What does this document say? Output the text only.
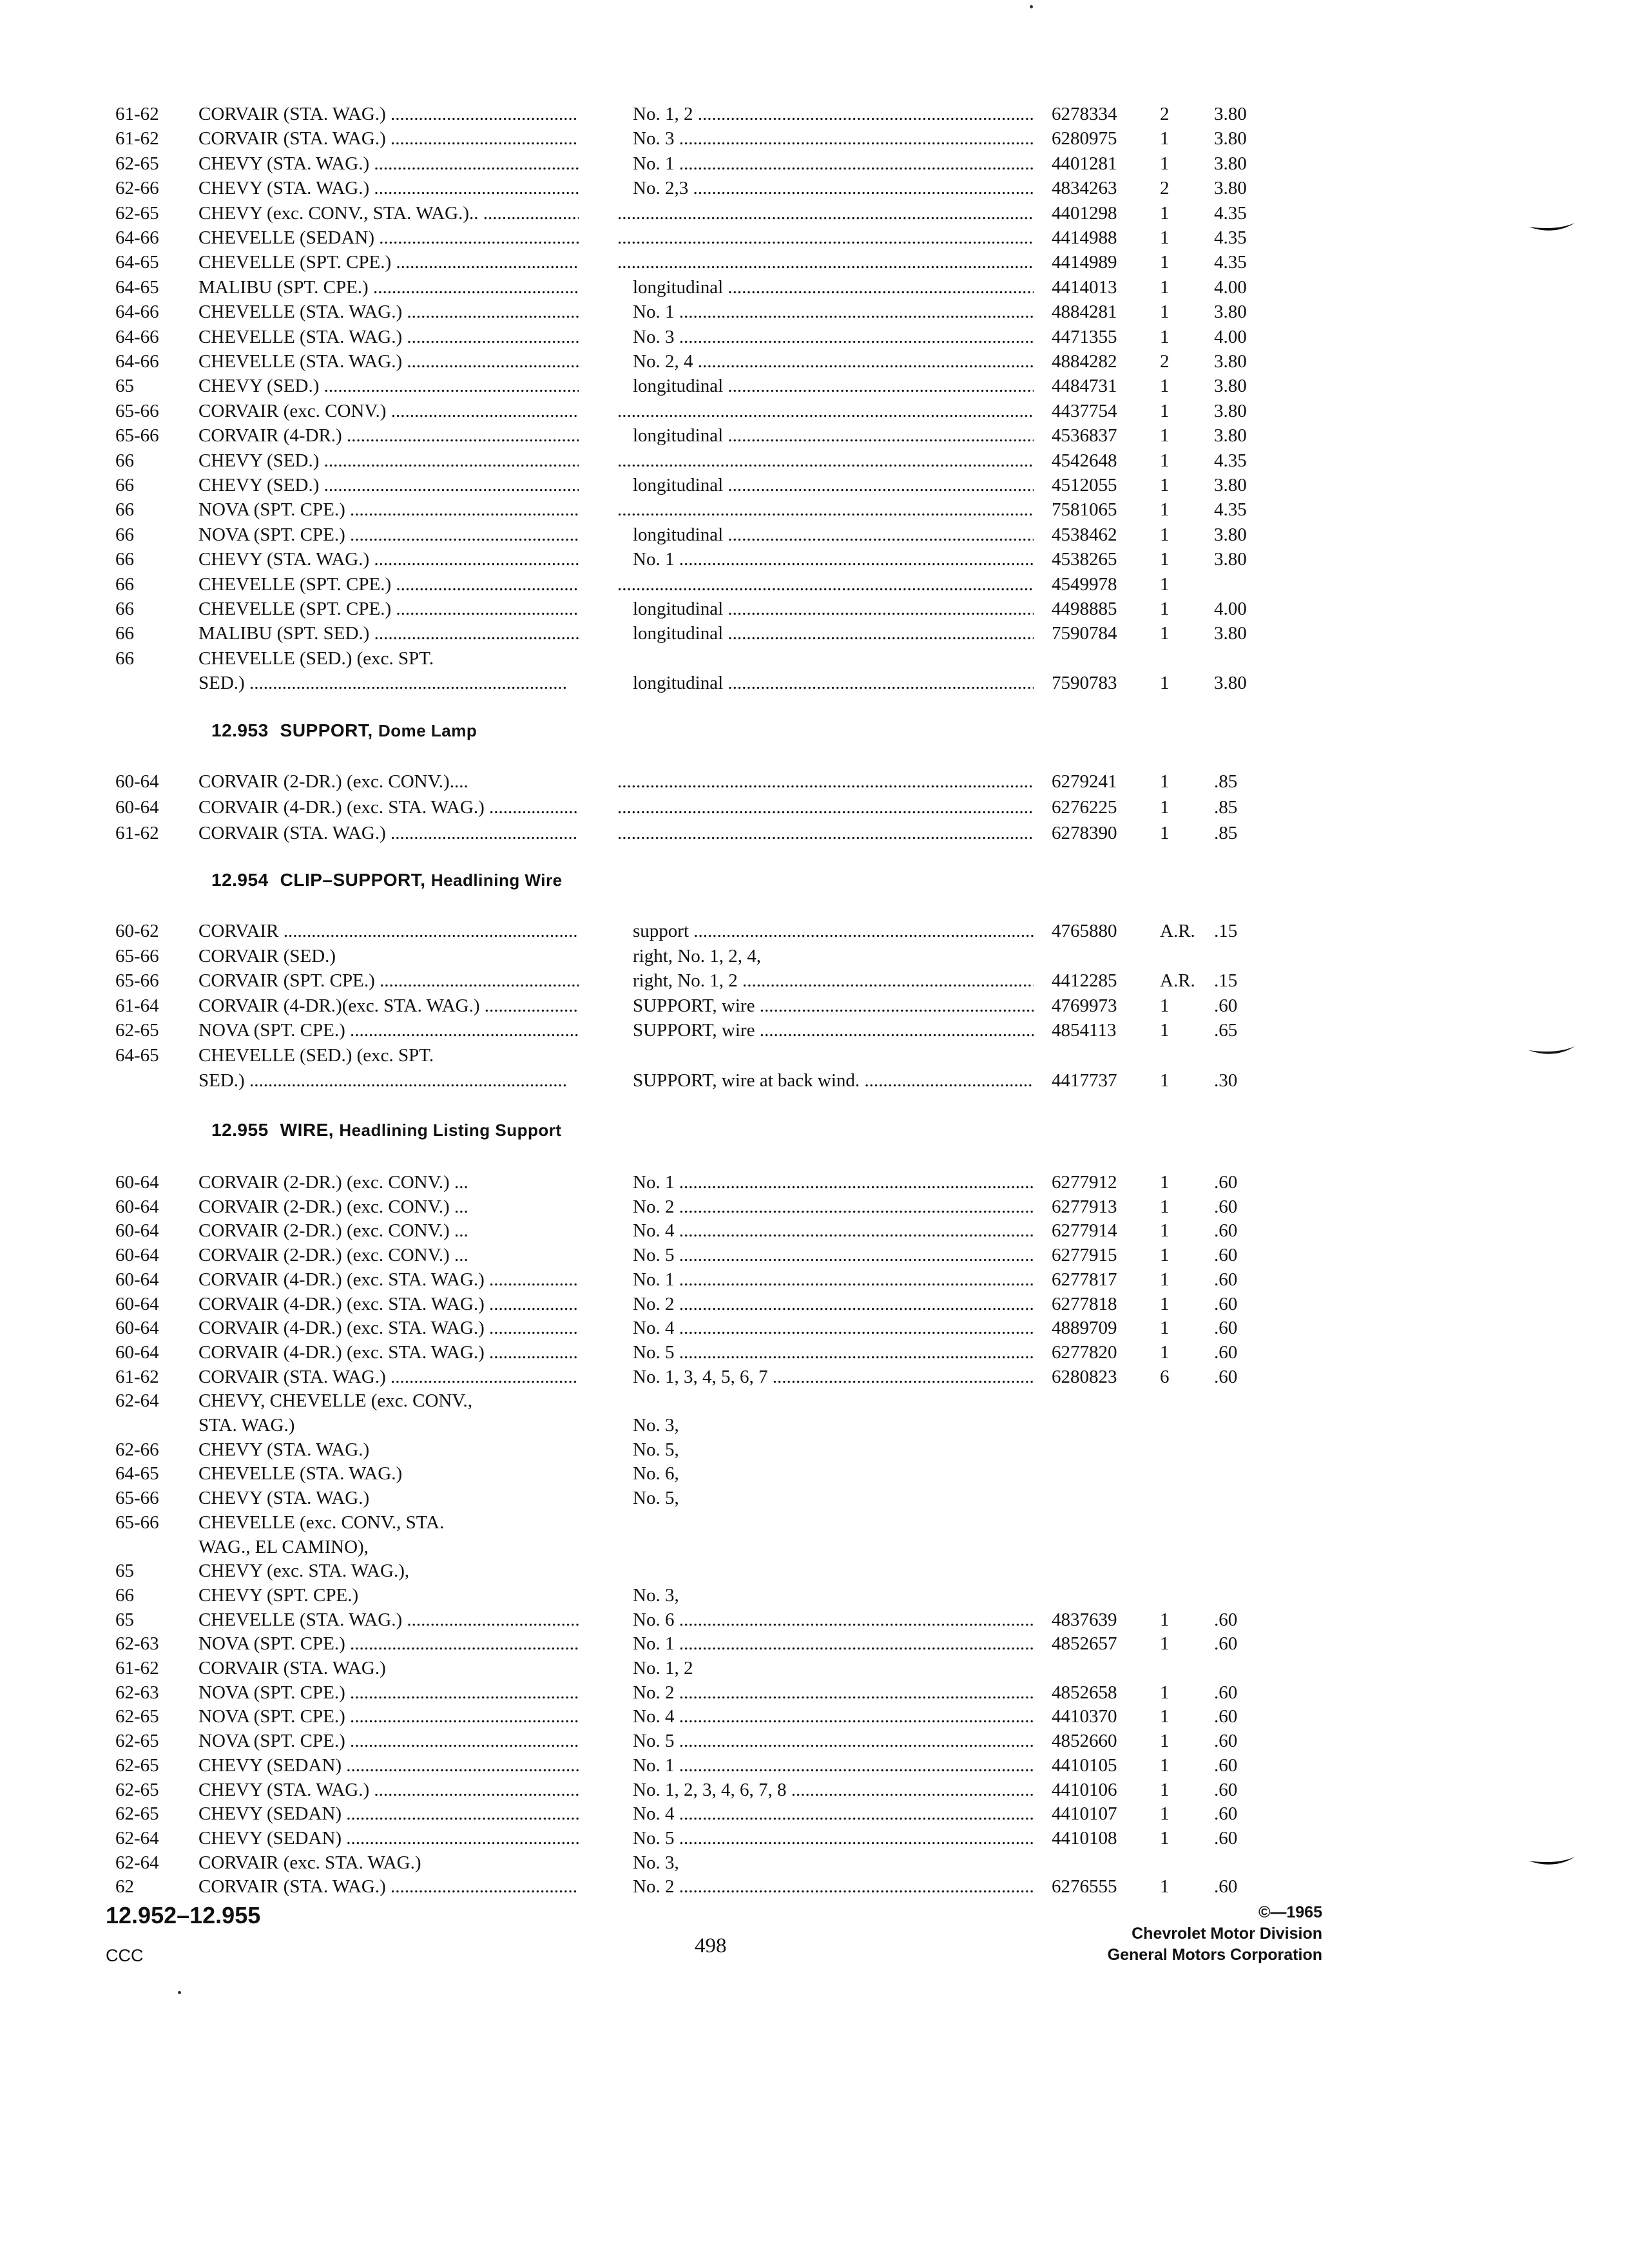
61-62 CORVAIR (STA. WAG.) .....	No. 1, 2 .....	6278334 2 3.80
61-62 CORVAIR (STA. WAG.) .....	No. 3 .....	6280975 1 3.80
62-65 CHEVY (STA. WAG.) .....	No. 1 .....	4401281 1 3.80
62-66 CHEVY (STA. WAG.) .....	No. 2,3 .....	4834263 2 3.80
62-65 CHEVY (exc. CONV., STA. WAG.).. ..... .....	4401298 1 4.35
64-66 CHEVELLE (SEDAN) ..... .....	4414988 1 4.35
64-65 CHEVELLE (SPT. CPE.) ..... .....	4414989 1 4.35
64-65 MALIBU (SPT. CPE.) .....	longitudinal .....	4414013 1 4.00
64-66 CHEVELLE (STA. WAG.) .....	No. 1 .....	4884281 1 3.80
64-66 CHEVELLE (STA. WAG.) .....	No. 3 .....	4471355 1 4.00
64-66 CHEVELLE (STA. WAG.) .....	No. 2, 4 .....	4884282 2 3.80
65	CHEVY (SED.) .....	longitudinal .....	4484731 1 3.80
65-66 CORVAIR (exc. CONV.) ..... .....	4437754 1 3.80
65-66 CORVAIR (4-DR.) .....	longitudinal .....	4536837 1 3.80
66	CHEVY (SED.) ..... .....	4542648 1 4.35
66	CHEVY (SED.) .....	longitudinal .....	4512055 1 3.80
66	NOVA (SPT. CPE.) ..... .....	7581065 1 4.35
66	NOVA (SPT. CPE.) .....	longitudinal .....	4538462 1 3.80
66	CHEVY (STA. WAG.) .....	No. 1 .....	4538265 1 3.80
66	CHEVELLE (SPT. CPE.) ..... .....	4549978 1
66	CHEVELLE (SPT. CPE.) .....	longitudinal .....	4498885 1 4.00
66	MALIBU (SPT. SED.) .....	longitudinal .....	7590784 1 3.80
66	CHEVELLE (SED.) (exc. SPT.
SED.) .....	longitudinal .....	7590783 1 3.80
12.953 SUPPORT, Dome Lamp
60-64 CORVAIR (2-DR.) (exc. CONV.).... .....	6279241 1 .85
60-64 CORVAIR (4-DR.) (exc. STA. WAG.) ..... .....	6276225 1 .85
61-62 CORVAIR (STA. WAG.) ..... .....	6278390 1 .85
12.954 CLIP–SUPPORT, Headlining Wire
60-62 CORVAIR .....	support .....	4765880 A.R. .15
65-66 CORVAIR (SED.)	right, No. 1, 2, 4,
65-66 CORVAIR (SPT. CPE.) .....	right, No. 1, 2 .....	4412285 A.R. .15
61-64 CORVAIR (4-DR.)(exc. STA. WAG.) .....	SUPPORT, wire .....	4769973 1 .60
62-65 NOVA (SPT. CPE.) .....	SUPPORT, wire .....	4854113 1 .65
64-65 CHEVELLE (SED.) (exc. SPT.
SED.) .....	SUPPORT, wire at back wind. .....	4417737 1 .30
12.955 WIRE, Headlining Listing Support
60-64 CORVAIR (2-DR.) (exc. CONV.) ...	No. 1 .....	6277912 1 .60
60-64 CORVAIR (2-DR.) (exc. CONV.) ...	No. 2 .....	6277913 1 .60
60-64 CORVAIR (2-DR.) (exc. CONV.) ...	No. 4 .....	6277914 1 .60
60-64 CORVAIR (2-DR.) (exc. CONV.) ...	No. 5 .....	6277915 1 .60
60-64 CORVAIR (4-DR.) (exc. STA. WAG.) .....	No. 1 .....	6277817 1 .60
60-64 CORVAIR (4-DR.) (exc. STA. WAG.) .....	No. 2 .....	6277818 1 .60
60-64 CORVAIR (4-DR.) (exc. STA. WAG.) .....	No. 4 .....	4889709 1 .60
60-64 CORVAIR (4-DR.) (exc. STA. WAG.) .....	No. 5 .....	6277820 1 .60
61-62 CORVAIR (STA. WAG.) .....	No. 1, 3, 4, 5, 6, 7 .....	6280823 6 .60
62-64 CHEVY, CHEVELLE (exc. CONV.,
STA. WAG.)	No. 3,
62-66 CHEVY (STA. WAG.)	No. 5,
64-65 CHEVELLE (STA. WAG.)	No. 6,
65-66 CHEVY (STA. WAG.)	No. 5,
65-66 CHEVELLE (exc. CONV., STA.
WAG., EL CAMINO),
65	CHEVY (exc. STA. WAG.),
66	CHEVY (SPT. CPE.)	No. 3,
65	CHEVELLE (STA. WAG.) .....	No. 6 .....	4837639 1 .60
62-63 NOVA (SPT. CPE.) .....	No. 1 .....	4852657 1 .60
61-62 CORVAIR (STA. WAG.)	No. 1, 2
62-63 NOVA (SPT. CPE.) .....	No. 2 .....	4852658 1 .60
62-65 NOVA (SPT. CPE.) .....	No. 4 .....	4410370 1 .60
62-65 NOVA (SPT. CPE.) .....	No. 5 .....	4852660 1 .60
62-65 CHEVY (SEDAN) .....	No. 1 .....	4410105 1 .60
62-65 CHEVY (STA. WAG.) .....	No. 1, 2, 3, 4, 6, 7, 8 .....	4410106 1 .60
62-65 CHEVY (SEDAN) .....	No. 4 .....	4410107 1 .60
62-64 CHEVY (SEDAN) .....	No. 5 .....	4410108 1 .60
62-64 CORVAIR (exc. STA. WAG.)	No. 3,
62	CORVAIR (STA. WAG.) .....	No. 2 .....	6276555 1 .60
12.952–12.955
CCC	498
©—1965
Chevrolet Motor Division
General Motors Corporation
